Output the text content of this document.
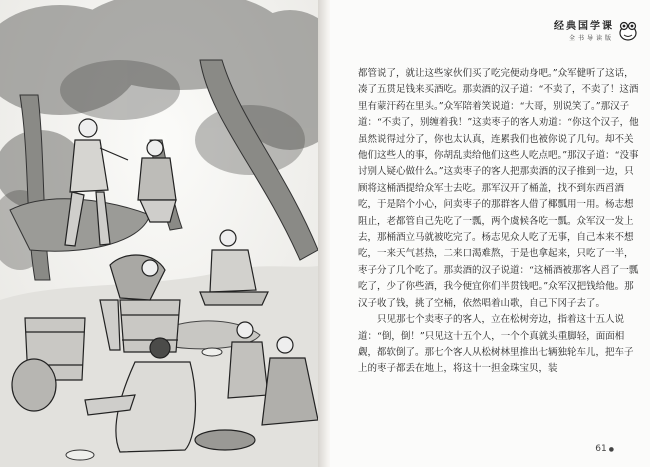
经典国学课
全书导读版

都管说了，就让这些家伙们买了吃完便动身吧。”众军健听了这话，凑了五贯足钱来买酒吃。那卖酒的汉子道：“不卖了，不卖了！这酒里有蒙汗药在里头。”众军陪着笑说道：“大哥，别说笑了。”那汉子道：“不卖了，别缠着我！”这卖枣子的客人劝道：“你这个汉子，他虽然说得过分了，你也太认真，连累我们也被你说了几句。却不关他们这些人的事，你胡乱卖给他们这些人吃点吧。”那汉子道：“没事讨别人疑心做什么。”这卖枣子的客人把那卖酒的汉子推到一边，只顾将这桶酒提给众军士去吃。那军汉开了桶盖，找不到东西舀酒吃，于是陪个小心，问卖枣子的那群客人借了椰瓢用一用。杨志想阻止，老都管自己先吃了一瓢，两个虞候各吃一瓢。众军汉一发上去，那桶酒立马就被吃完了。杨志见众人吃了无事，自己本来不想吃，一来天气甚热，二来口渴难熬，于是也拿起来，只吃了一半，枣子分了几个吃了。那卖酒的汉子说道：“这桶酒被那客人舀了一瓢吃了，少了你些酒，我今便宜你们半贯钱吧。”众军汉把钱给他。那汉子收了钱，挑了空桶，依然唱着山歌，自己下冈子去了。

只见那七个卖枣子的客人，立在松树旁边，指着这十五人说道：“倒，倒！”只见这十五个人，一个个真就头重脚轻，面面相觑，都软倒了。那七个客人从松树林里推出七辆独轮车儿，把车子上的枣子都丢在地上，将这十一担金珠宝贝，装

61 ●
